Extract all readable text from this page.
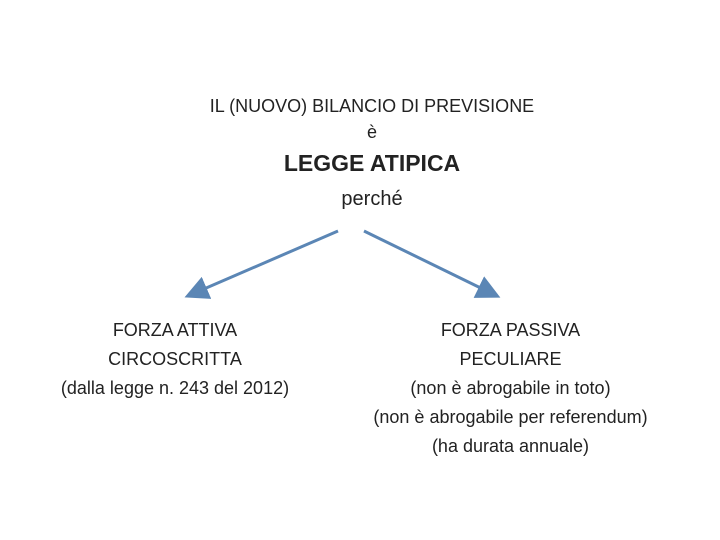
IL (NUOVO) BILANCIO DI PREVISIONE
è
LEGGE ATIPICA
perché
FORZA ATTIVA
CIRCOSCRITTA
(dalla legge n. 243 del 2012)
FORZA PASSIVA
PECULIARE
(non è abrogabile in toto)
(non è abrogabile per referendum)
(ha durata annuale)
